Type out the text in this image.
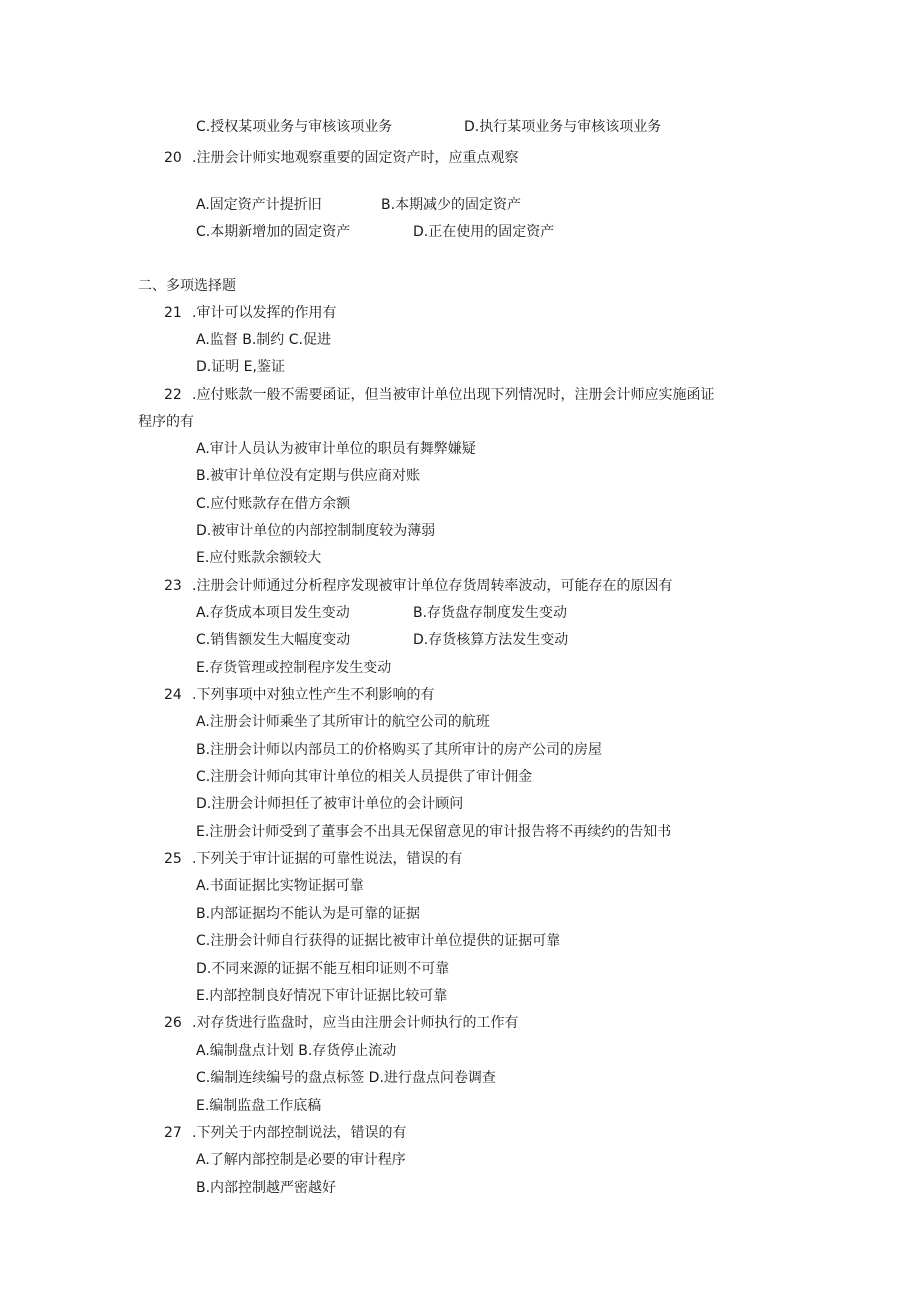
C.授权某项业务与审核该项业务	D.执行某项业务与审核该项业务
20 .注册会计师实地观察重要的固定资产时，应重点观察
A.固定资产计提折旧	B.本期减少的固定资产
C.本期新增加的固定资产	D.正在使用的固定资产
二、多项选择题
21 .审计可以发挥的作用有
A.监督 B.制约 C.促进
D.证明 E,鉴证
22 .应付账款一般不需要函证，但当被审计单位出现下列情况时，注册会计师应实施函证
程序的有
A.审计人员认为被审计单位的职员有舞弊嫌疑
B.被审计单位没有定期与供应商对账
C.应付账款存在借方余额
D.被审计单位的内部控制制度较为薄弱
E.应付账款余额较大
23 .注册会计师通过分析程序发现被审计单位存货周转率波动，可能存在的原因有
A.存货成本项目发生变动	B.存货盘存制度发生变动
C.销售额发生大幅度变动	D.存货核算方法发生变动
E.存货管理或控制程序发生变动
24 .下列事项中对独立性产生不利影响的有
A.注册会计师乘坐了其所审计的航空公司的航班
B.注册会计师以内部员工的价格购买了其所审计的房产公司的房屋
C.注册会计师向其审计单位的相关人员提供了审计佣金
D.注册会计师担任了被审计单位的会计顾问
E.注册会计师受到了董事会不出具无保留意见的审计报告将不再续约的告知书
25 .下列关于审计证据的可靠性说法，错误的有
A.书面证据比实物证据可靠
B.内部证据均不能认为是可靠的证据
C.注册会计师自行获得的证据比被审计单位提供的证据可靠
D.不同来源的证据不能互相印证则不可靠
E.内部控制良好情况下审计证据比较可靠
26 .对存货进行监盘时，应当由注册会计师执行的工作有
A.编制盘点计划 B.存货停止流动
C.编制连续编号的盘点标签 D.进行盘点问卷调查
E.编制监盘工作底稿
27 .下列关于内部控制说法，错误的有
A.了解内部控制是必要的审计程序
B.内部控制越严密越好
